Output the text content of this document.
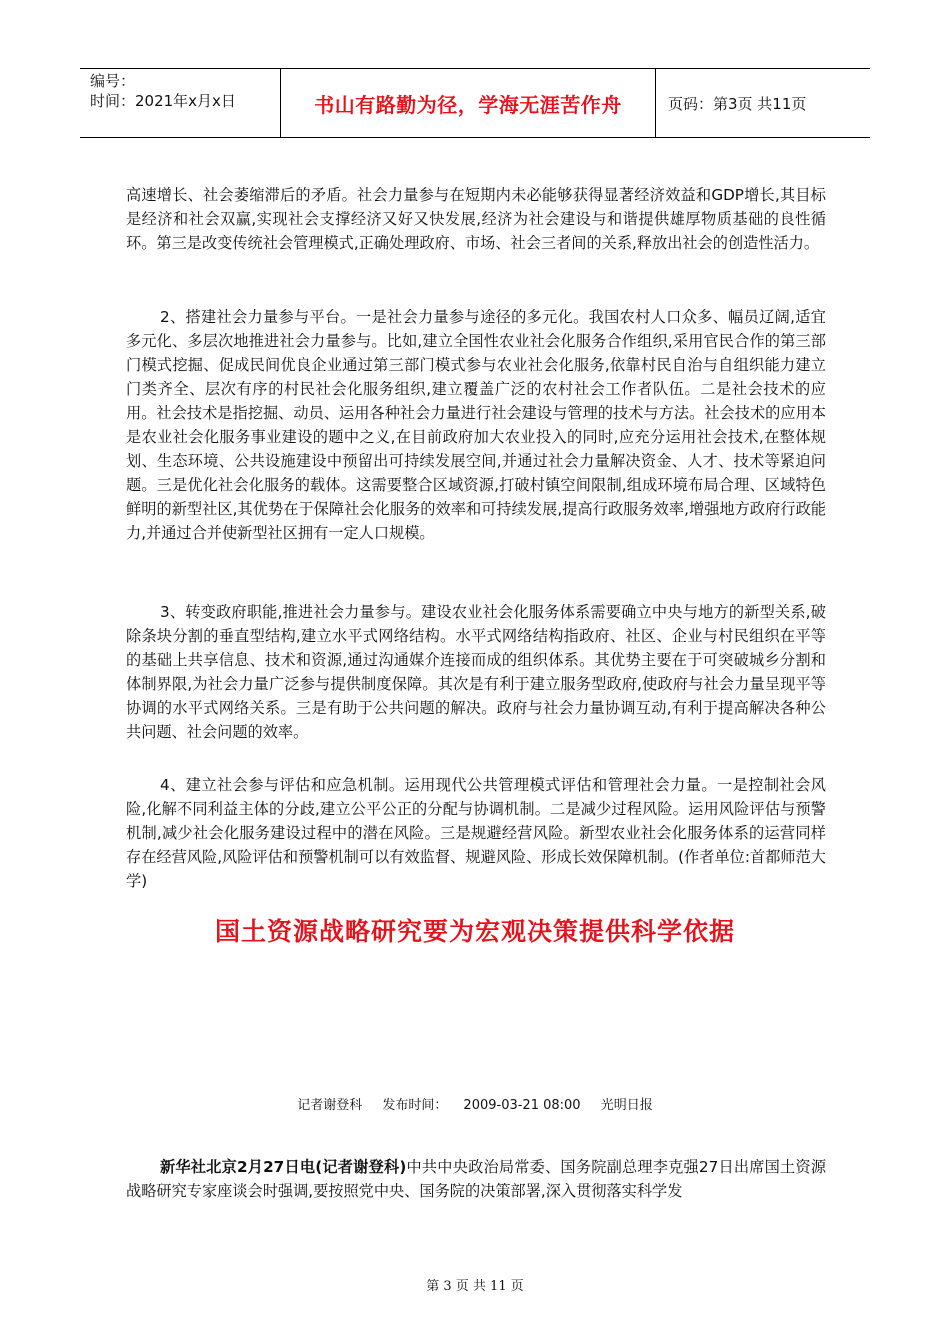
编号：
时间：2021年x月x日	书山有路勤为径，学海无涯苦作舟	页码：第3页 共11页

高速增长、社会萎缩滞后的矛盾。社会力量参与在短期内未必能够获得显著经济效益和GDP增长,其目标是经济和社会双赢,实现社会支撑经济又好又快发展,经济为社会建设与和谐提供雄厚物质基础的良性循环。第三是改变传统社会管理模式,正确处理政府、市场、社会三者间的关系,释放出社会的创造性活力。

2、搭建社会力量参与平台。一是社会力量参与途径的多元化。我国农村人口众多、幅员辽阔,适宜多元化、多层次地推进社会力量参与。比如,建立全国性农业社会化服务合作组织,采用官民合作的第三部门模式挖掘、促成民间优良企业通过第三部门模式参与农业社会化服务,依靠村民自治与自组织能力建立门类齐全、层次有序的村民社会化服务组织,建立覆盖广泛的农村社会工作者队伍。二是社会技术的应用。社会技术是指挖掘、动员、运用各种社会力量进行社会建设与管理的技术与方法。社会技术的应用本是农业社会化服务事业建设的题中之义,在目前政府加大农业投入的同时,应充分运用社会技术,在整体规划、生态环境、公共设施建设中预留出可持续发展空间,并通过社会力量解决资金、人才、技术等紧迫问题。三是优化社会化服务的载体。这需要整合区域资源,打破村镇空间限制,组成环境布局合理、区域特色鲜明的新型社区,其优势在于保障社会化服务的效率和可持续发展,提高行政服务效率,增强地方政府行政能力,并通过合并使新型社区拥有一定人口规模。

3、转变政府职能,推进社会力量参与。建设农业社会化服务体系需要确立中央与地方的新型关系,破除条块分割的垂直型结构,建立水平式网络结构。水平式网络结构指政府、社区、企业与村民组织在平等的基础上共享信息、技术和资源,通过沟通媒介连接而成的组织体系。其优势主要在于可突破城乡分割和体制界限,为社会力量广泛参与提供制度保障。其次是有利于建立服务型政府,使政府与社会力量呈现平等协调的水平式网络关系。三是有助于公共问题的解决。政府与社会力量协调互动,有利于提高解决各种公共问题、社会问题的效率。

4、建立社会参与评估和应急机制。运用现代公共管理模式评估和管理社会力量。一是控制社会风险,化解不同利益主体的分歧,建立公平公正的分配与协调机制。二是减少过程风险。运用风险评估与预警机制,减少社会化服务建设过程中的潜在风险。三是规避经营风险。新型农业社会化服务体系的运营同样存在经营风险,风险评估和预警机制可以有效监督、规避风险、形成长效保障机制。(作者单位:首都师范大学)

国土资源战略研究要为宏观决策提供科学依据

记者谢登科 发布时间： 2009-03-21 08:00 光明日报

新华社北京2月27日电(记者谢登科)中共中央政治局常委、国务院副总理李克强27日出席国土资源战略研究专家座谈会时强调,要按照党中央、国务院的决策部署,深入贯彻落实科学发

第 3 页 共 11 页
